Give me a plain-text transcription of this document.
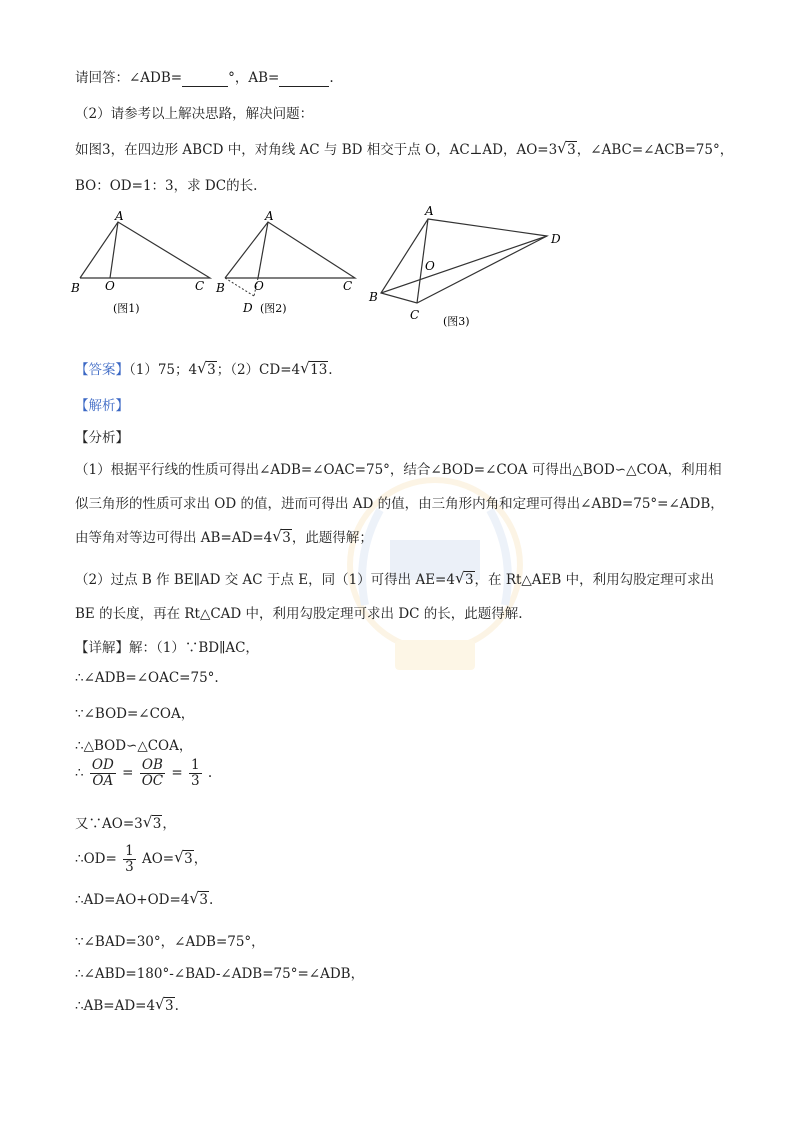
请回答：∠ADB=	°，AB=	.
（2）请参考以上解决思路，解决问题：
如图3，在四边形 ABCD 中，对角线 AC 与 BD 相交于点 O，AC⊥AD，AO=3√ 3，∠ABC=∠ACB=75°，
BO：OD=1：3，求 DC的长.
A
B O	C
(图1)
A
B O	C
D (图2)
A
D
O
B
C (图3)
【答案】（1）75；4√ 3；（2）CD=4√ 13.
【解析】
【分析】
（1）根据平行线的性质可得出∠ADB=∠OAC=75°，结合∠BOD=∠COA 可得出△BOD∽△COA，利用相
似三角形的性质可求出 OD 的值，进而可得出 AD 的值，由三角形内角和定理可得出∠ABD=75°=∠ADB，
由等角对等边可得出 AB=AD=4√ 3，此题得解；
（2）过点 B 作 BE∥AD 交 AC 于点 E，同（1）可得出 AE=4√ 3，在 Rt△AEB 中，利用勾股定理可求出
BE 的长度，再在 Rt△CAD 中，利用勾股定理可求出 DC 的长，此题得解.
【详解】解：（1）∵BD∥AC，
∴∠ADB=∠OAC=75°.
∵∠BOD=∠COA，
∴△BOD∽△COA，
∴ $\frac{OD}{OA} = \frac{OB}{OC} = \frac{1}{3}$ .
又∵AO=3√ 3，
∴OD= $\frac{1}{3} AO=√$ 3，
∴AD=AO+OD=4√ 3.
∵∠BAD=30°，∠ADB=75°，
∴∠ABD=180°-∠BAD-∠ADB=75°=∠ADB，
∴AB=AD=4√ 3.
